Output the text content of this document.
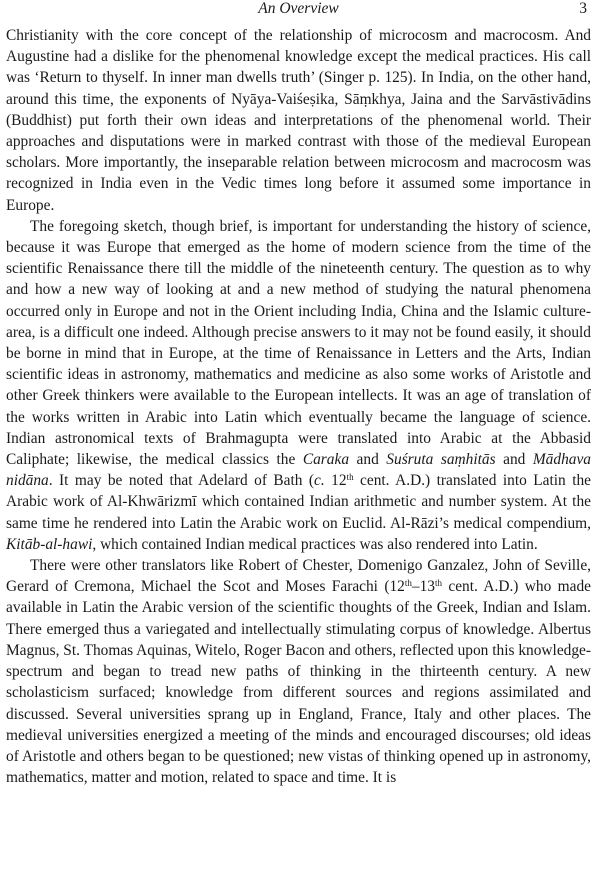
An Overview	3

Christianity with the core concept of the relationship of microcosm and macrocosm. And Augustine had a dislike for the phenomenal knowledge except the medical practices. His call was ‘Return to thyself. In inner man dwells truth’ (Singer p. 125). In India, on the other hand, around this time, the exponents of Nyāya-Vaiśeṣika, Sāṃkhya, Jaina and the Sarvāstivādins (Buddhist) put forth their own ideas and interpretations of the phenomenal world. Their approaches and disputations were in marked contrast with those of the medieval European scholars. More importantly, the inseparable relation between microcosm and macrocosm was recognized in India even in the Vedic times long before it assumed some importance in Europe.

The foregoing sketch, though brief, is important for understanding the history of science, because it was Europe that emerged as the home of modern science from the time of the scientific Renaissance there till the middle of the nineteenth century. The question as to why and how a new way of looking at and a new method of studying the natural phenomena occurred only in Europe and not in the Orient including India, China and the Islamic culture-area, is a difficult one indeed. Although precise answers to it may not be found easily, it should be borne in mind that in Europe, at the time of Renaissance in Letters and the Arts, Indian scientific ideas in astronomy, mathematics and medicine as also some works of Aristotle and other Greek thinkers were available to the European intellects. It was an age of translation of the works written in Arabic into Latin which eventually became the language of science. Indian astronomical texts of Brahmagupta were translated into Arabic at the Abbasid Caliphate; likewise, the medical classics the Caraka and Suśruta saṃhitās and Mādhava nidāna. It may be noted that Adelard of Bath (c. 12th cent. A.D.) translated into Latin the Arabic work of Al-Khwārizmī which contained Indian arithmetic and number system. At the same time he rendered into Latin the Arabic work on Euclid. Al-Rāzi’s medical compendium, Kitāb-al-hawi, which contained Indian medical practices was also rendered into Latin.

There were other translators like Robert of Chester, Domenigo Ganzalez, John of Seville, Gerard of Cremona, Michael the Scot and Moses Farachi (12th–13th cent. A.D.) who made available in Latin the Arabic version of the scientific thoughts of the Greek, Indian and Islam. There emerged thus a variegated and intellectually stimulating corpus of knowledge. Albertus Magnus, St. Thomas Aquinas, Witelo, Roger Bacon and others, reflected upon this knowledge-spectrum and began to tread new paths of thinking in the thirteenth century. A new scholasticism surfaced; knowledge from different sources and regions assimilated and discussed. Several universities sprang up in England, France, Italy and other places. The medieval universities energized a meeting of the minds and encouraged discourses; old ideas of Aristotle and others began to be questioned; new vistas of thinking opened up in astronomy, mathematics, matter and motion, related to space and time. It is
